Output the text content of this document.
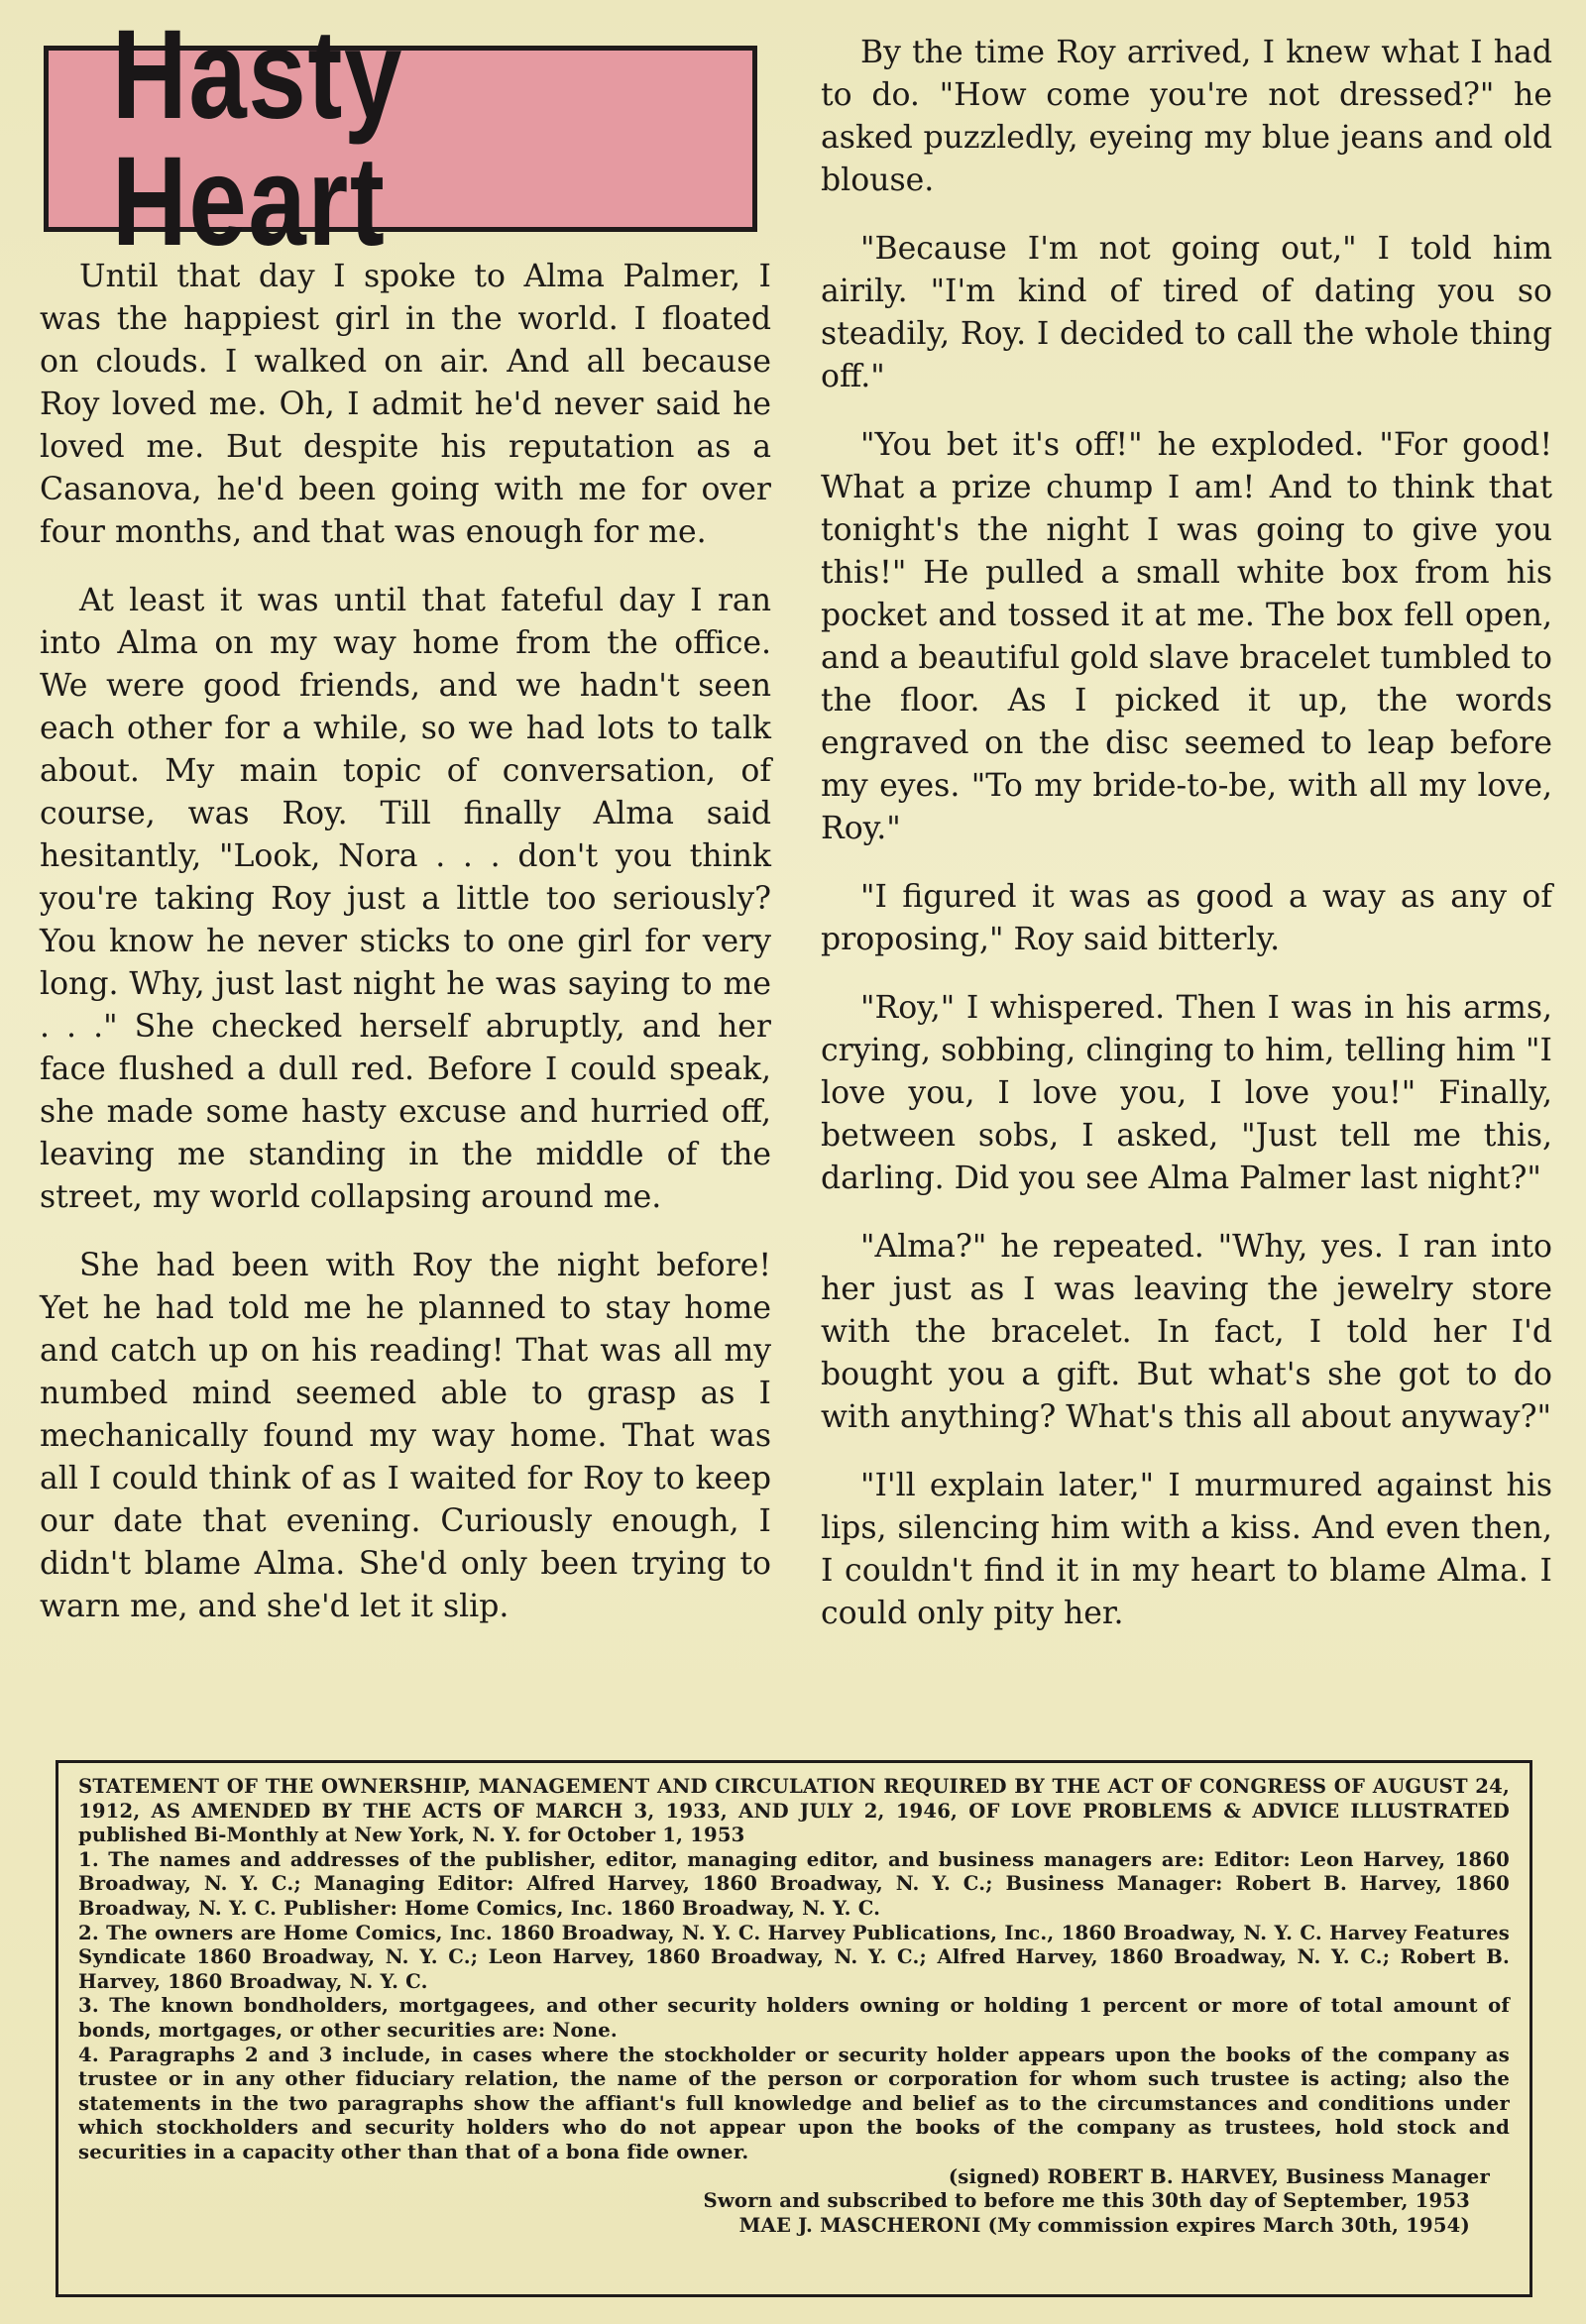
Hasty Heart

Until that day I spoke to Alma Palmer, I was the happiest girl in the world. I floated on clouds. I walked on air. And all because Roy loved me. Oh, I admit he'd never said he loved me. But despite his reputation as a Casanova, he'd been going with me for over four months, and that was enough for me.

At least it was until that fateful day I ran into Alma on my way home from the office. We were good friends, and we hadn't seen each other for a while, so we had lots to talk about. My main topic of conversation, of course, was Roy. Till finally Alma said hesitantly, "Look, Nora . . . don't you think you're taking Roy just a little too seriously? You know he never sticks to one girl for very long. Why, just last night he was saying to me . . ." She checked herself abruptly, and her face flushed a dull red. Before I could speak, she made some hasty excuse and hurried off, leaving me standing in the middle of the street, my world collapsing around me.

She had been with Roy the night before! Yet he had told me he planned to stay home and catch up on his reading! That was all my numbed mind seemed able to grasp as I mechanically found my way home. That was all I could think of as I waited for Roy to keep our date that evening. Curiously enough, I didn't blame Alma. She'd only been trying to warn me, and she'd let it slip.

By the time Roy arrived, I knew what I had to do. "How come you're not dressed?" he asked puzzledly, eyeing my blue jeans and old blouse.

"Because I'm not going out," I told him airily. "I'm kind of tired of dating you so steadily, Roy. I decided to call the whole thing off."

"You bet it's off!" he exploded. "For good! What a prize chump I am! And to think that tonight's the night I was going to give you this!" He pulled a small white box from his pocket and tossed it at me. The box fell open, and a beautiful gold slave bracelet tumbled to the floor. As I picked it up, the words engraved on the disc seemed to leap before my eyes. "To my bride-to-be, with all my love, Roy."

"I figured it was as good a way as any of proposing," Roy said bitterly.

"Roy," I whispered. Then I was in his arms, crying, sobbing, clinging to him, telling him "I love you, I love you, I love you!" Finally, between sobs, I asked, "Just tell me this, darling. Did you see Alma Palmer last night?"

"Alma?" he repeated. "Why, yes. I ran into her just as I was leaving the jewelry store with the bracelet. In fact, I told her I'd bought you a gift. But what's she got to do with anything? What's this all about anyway?"

"I'll explain later," I murmured against his lips, silencing him with a kiss. And even then, I couldn't find it in my heart to blame Alma. I could only pity her.

STATEMENT OF THE OWNERSHIP, MANAGEMENT AND CIRCULATION REQUIRED BY THE ACT OF CONGRESS OF AUGUST 24, 1912, AS AMENDED BY THE ACTS OF MARCH 3, 1933, AND JULY 2, 1946, OF LOVE PROBLEMS & ADVICE ILLUSTRATED published Bi-Monthly at New York, N. Y. for October 1, 1953

1. The names and addresses of the publisher, editor, managing editor, and business managers are: Editor: Leon Harvey, 1860 Broadway, N. Y. C.; Managing Editor: Alfred Harvey, 1860 Broadway, N. Y. C.; Business Manager: Robert B. Harvey, 1860 Broadway, N. Y. C. Publisher: Home Comics, Inc. 1860 Broadway, N. Y. C.

2. The owners are Home Comics, Inc. 1860 Broadway, N. Y. C. Harvey Publications, Inc., 1860 Broadway, N. Y. C. Harvey Features Syndicate 1860 Broadway, N. Y. C.; Leon Harvey, 1860 Broadway, N. Y. C.; Alfred Harvey, 1860 Broadway, N. Y. C.; Robert B. Harvey, 1860 Broadway, N. Y. C.

3. The known bondholders, mortgagees, and other security holders owning or holding 1 percent or more of total amount of bonds, mortgages, or other securities are: None.

4. Paragraphs 2 and 3 include, in cases where the stockholder or security holder appears upon the books of the company as trustee or in any other fiduciary relation, the name of the person or corporation for whom such trustee is acting; also the statements in the two paragraphs show the affiant's full knowledge and belief as to the circumstances and conditions under which stockholders and security holders who do not appear upon the books of the company as trustees, hold stock and securities in a capacity other than that of a bona fide owner.

(signed) ROBERT B. HARVEY, Business Manager
Sworn and subscribed to before me this 30th day of September, 1953
MAE J. MASCHERONI (My commission expires March 30th, 1954)
